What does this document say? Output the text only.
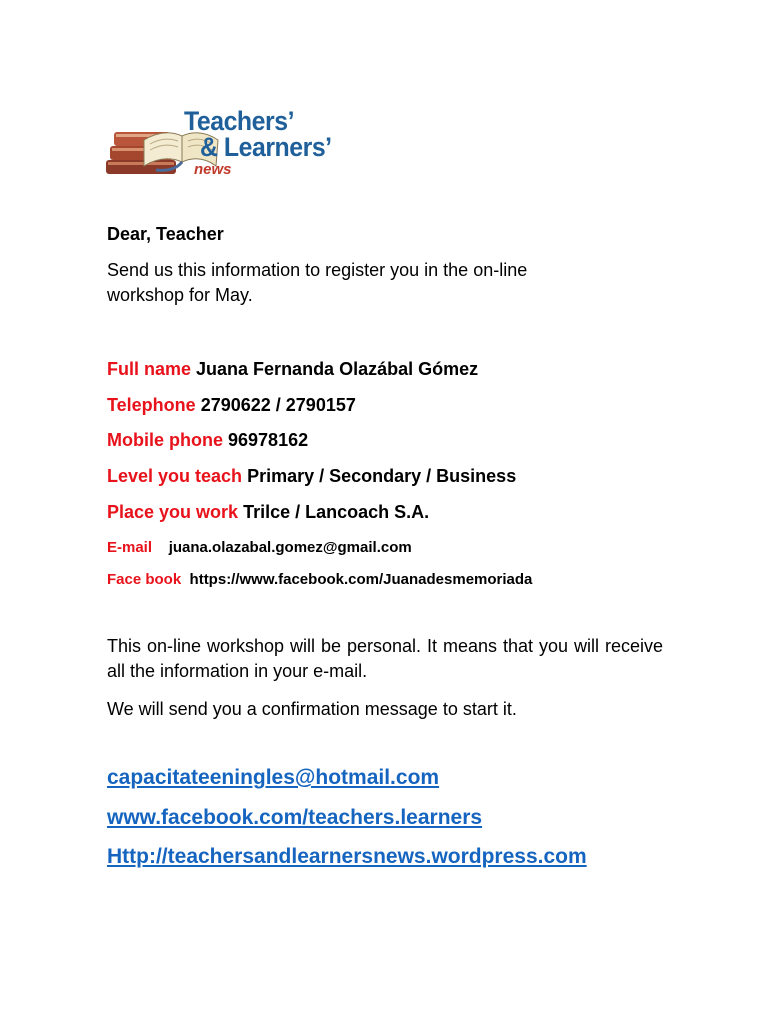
Teachers’
& Learners’
news
Dear, Teacher
Send us this information to register you in the on-line
workshop for May.
Full name Juana Fernanda Olazábal Gómez
Telephone 2790622 / 2790157
Mobile phone 96978162
Level you teach Primary / Secondary / Business
Place you work Trilce / Lancoach S.A.
E-mail juana.olazabal.gomez@gmail.com
Face book https://www.facebook.com/Juanadesmemoriada
This on-line workshop will be personal. It means that you will receive all the information in your e-mail.
We will send you a confirmation message to start it.
capacitateeningles@hotmail.com
www.facebook.com/teachers.learners
Http://teachersandlearnersnews.wordpress.com
